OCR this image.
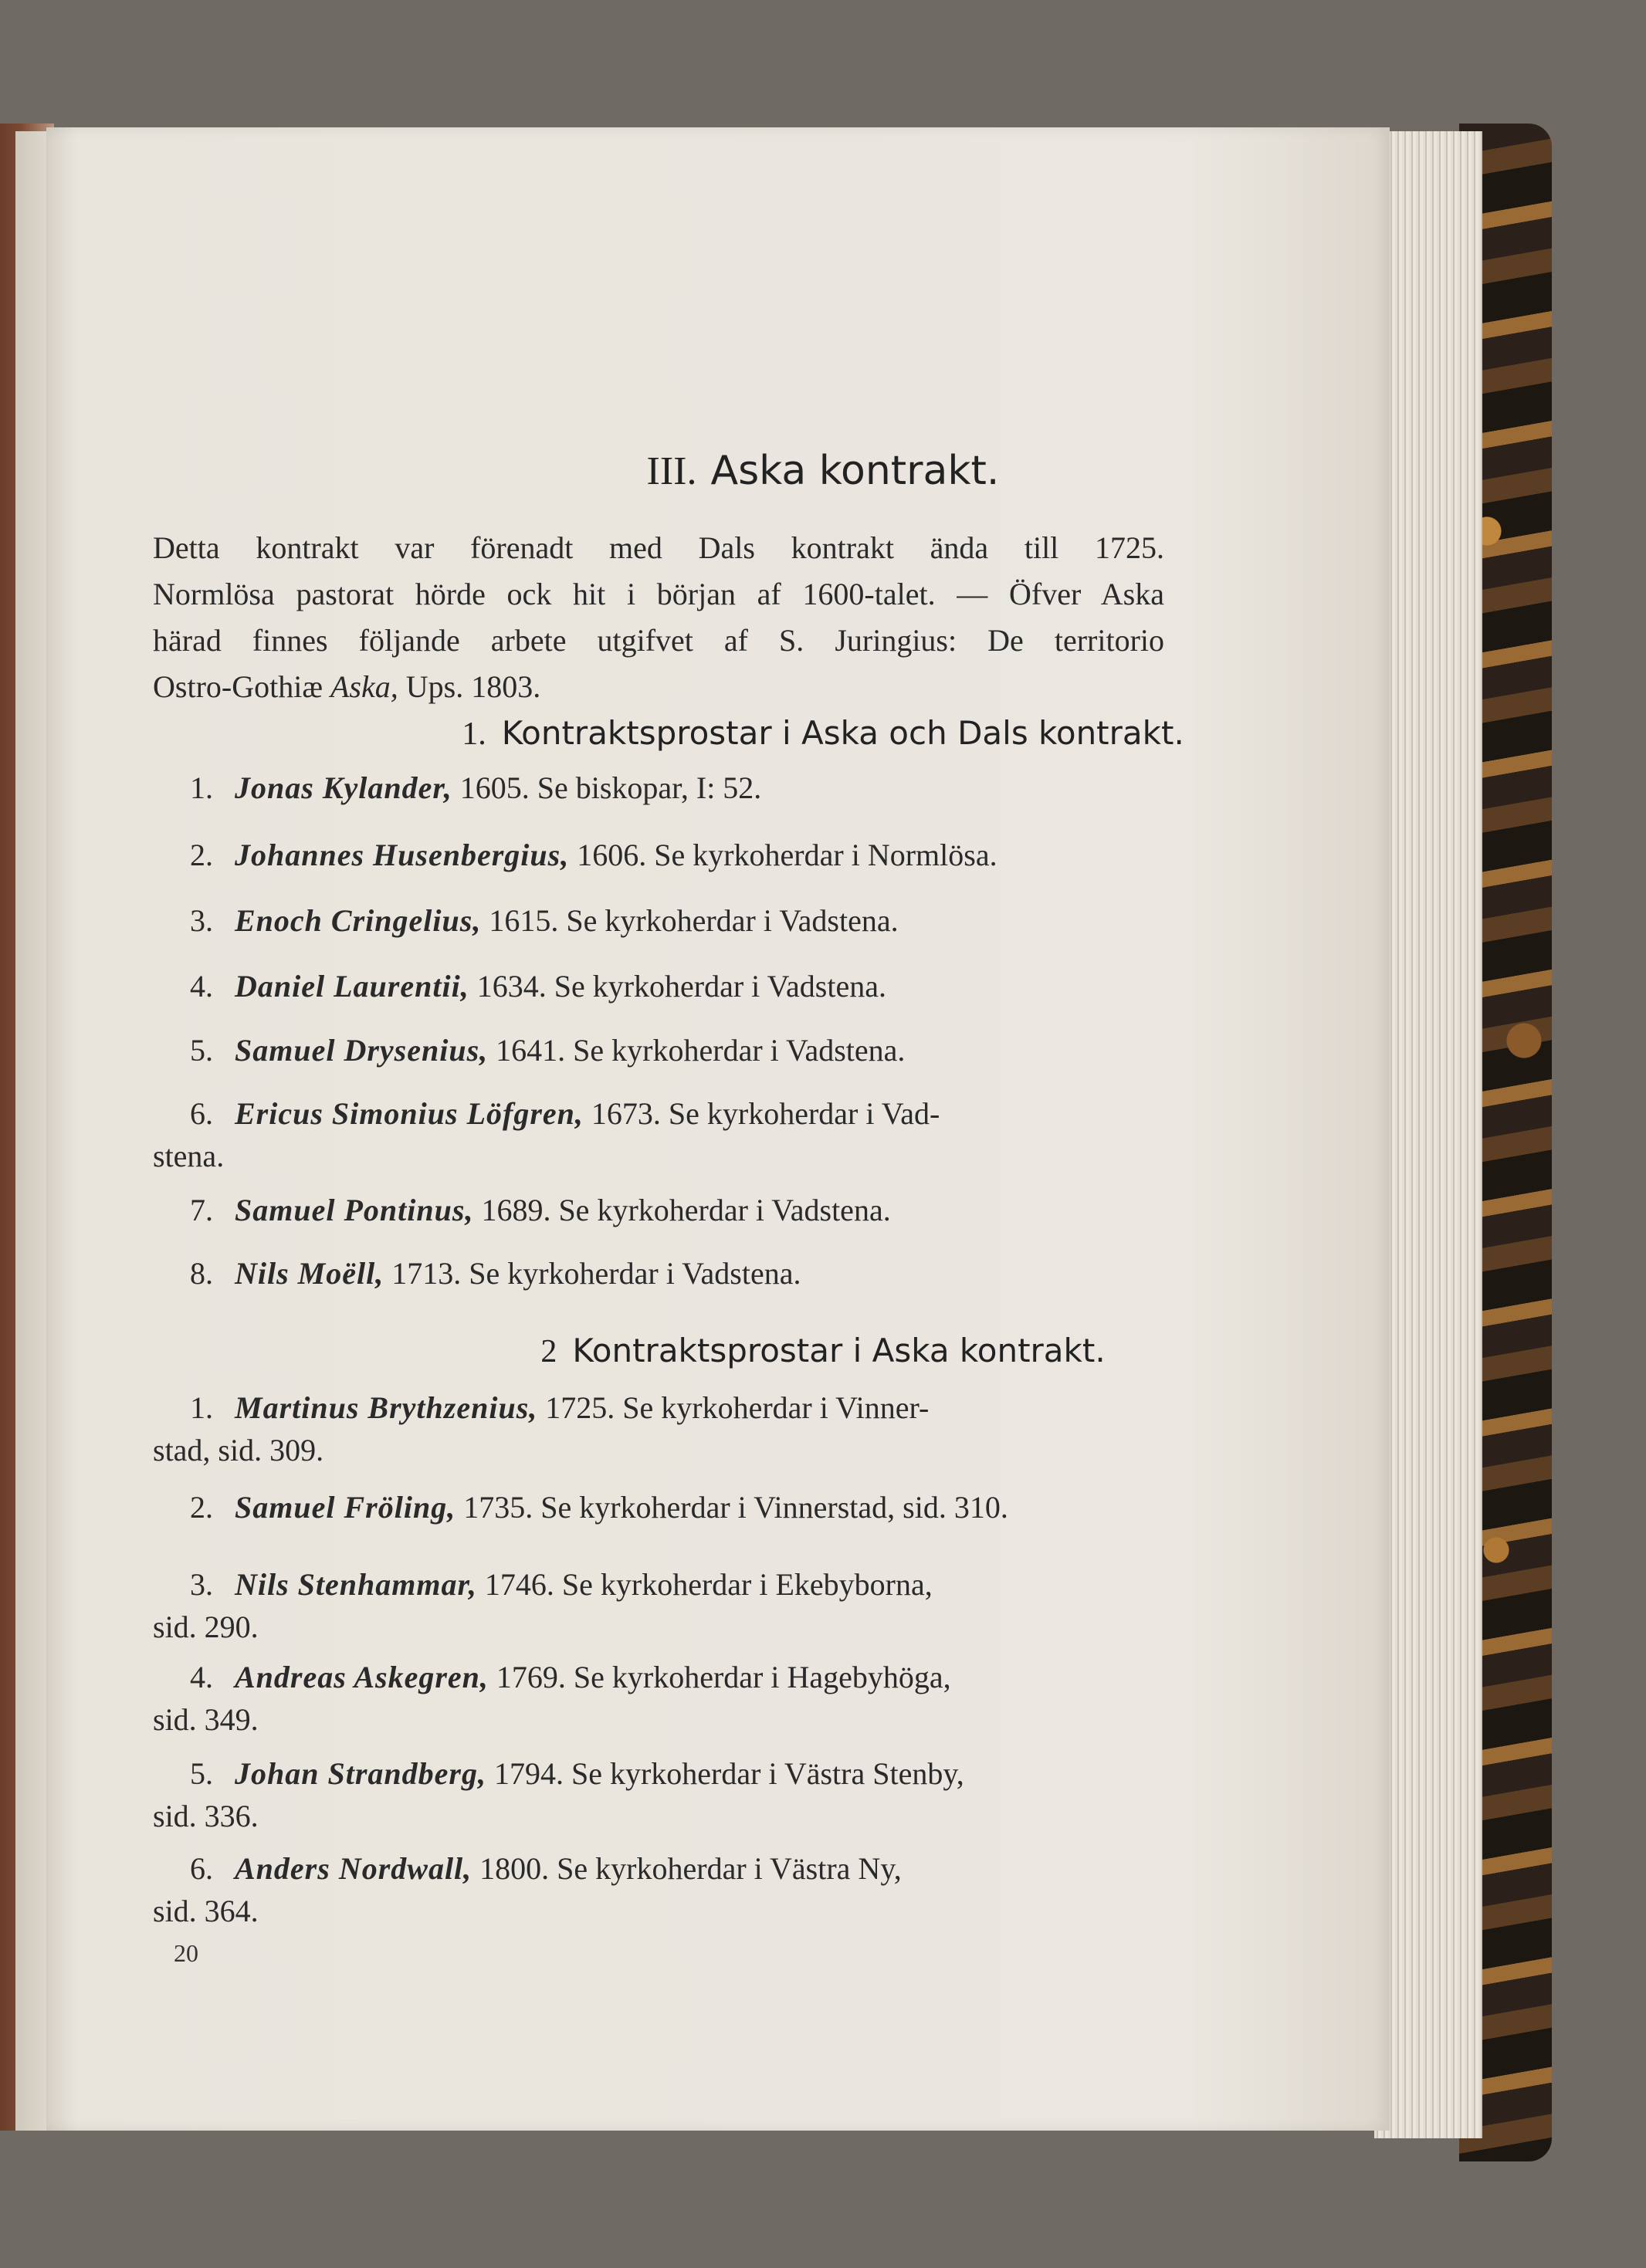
III. Aska kontrakt.
Detta kontrakt var förenadt med Dals kontrakt ända till 1725.
Normlösa pastorat hörde ock hit i början af 1600-talet. — Öfver Aska
härad finnes följande arbete utgifvet af S. Juringius: De territorio
Ostro-Gothiæ Aska, Ups. 1803.
1. Kontraktsprostar i Aska och Dals kontrakt.
1. Jonas Kylander, 1605. Se biskopar, I: 52.
2. Johannes Husenbergius, 1606. Se kyrkoherdar i Normlösa.
3. Enoch Cringelius, 1615. Se kyrkoherdar i Vadstena.
4. Daniel Laurentii, 1634. Se kyrkoherdar i Vadstena.
5. Samuel Drysenius, 1641. Se kyrkoherdar i Vadstena.
6. Ericus Simonius Löfgren, 1673. Se kyrkoherdar i Vad-
stena.
7. Samuel Pontinus, 1689. Se kyrkoherdar i Vadstena.
8. Nils Moëll, 1713. Se kyrkoherdar i Vadstena.
2 Kontraktsprostar i Aska kontrakt.
1. Martinus Brythzenius, 1725. Se kyrkoherdar i Vinner-
stad, sid. 309.
2. Samuel Fröling, 1735. Se kyrkoherdar i Vinnerstad, sid. 310.
3. Nils Stenhammar, 1746. Se kyrkoherdar i Ekebyborna,
sid. 290.
4. Andreas Askegren, 1769. Se kyrkoherdar i Hagebyhöga,
sid. 349.
5. Johan Strandberg, 1794. Se kyrkoherdar i Västra Stenby,
sid. 336.
6. Anders Nordwall, 1800. Se kyrkoherdar i Västra Ny,
sid. 364.
20
